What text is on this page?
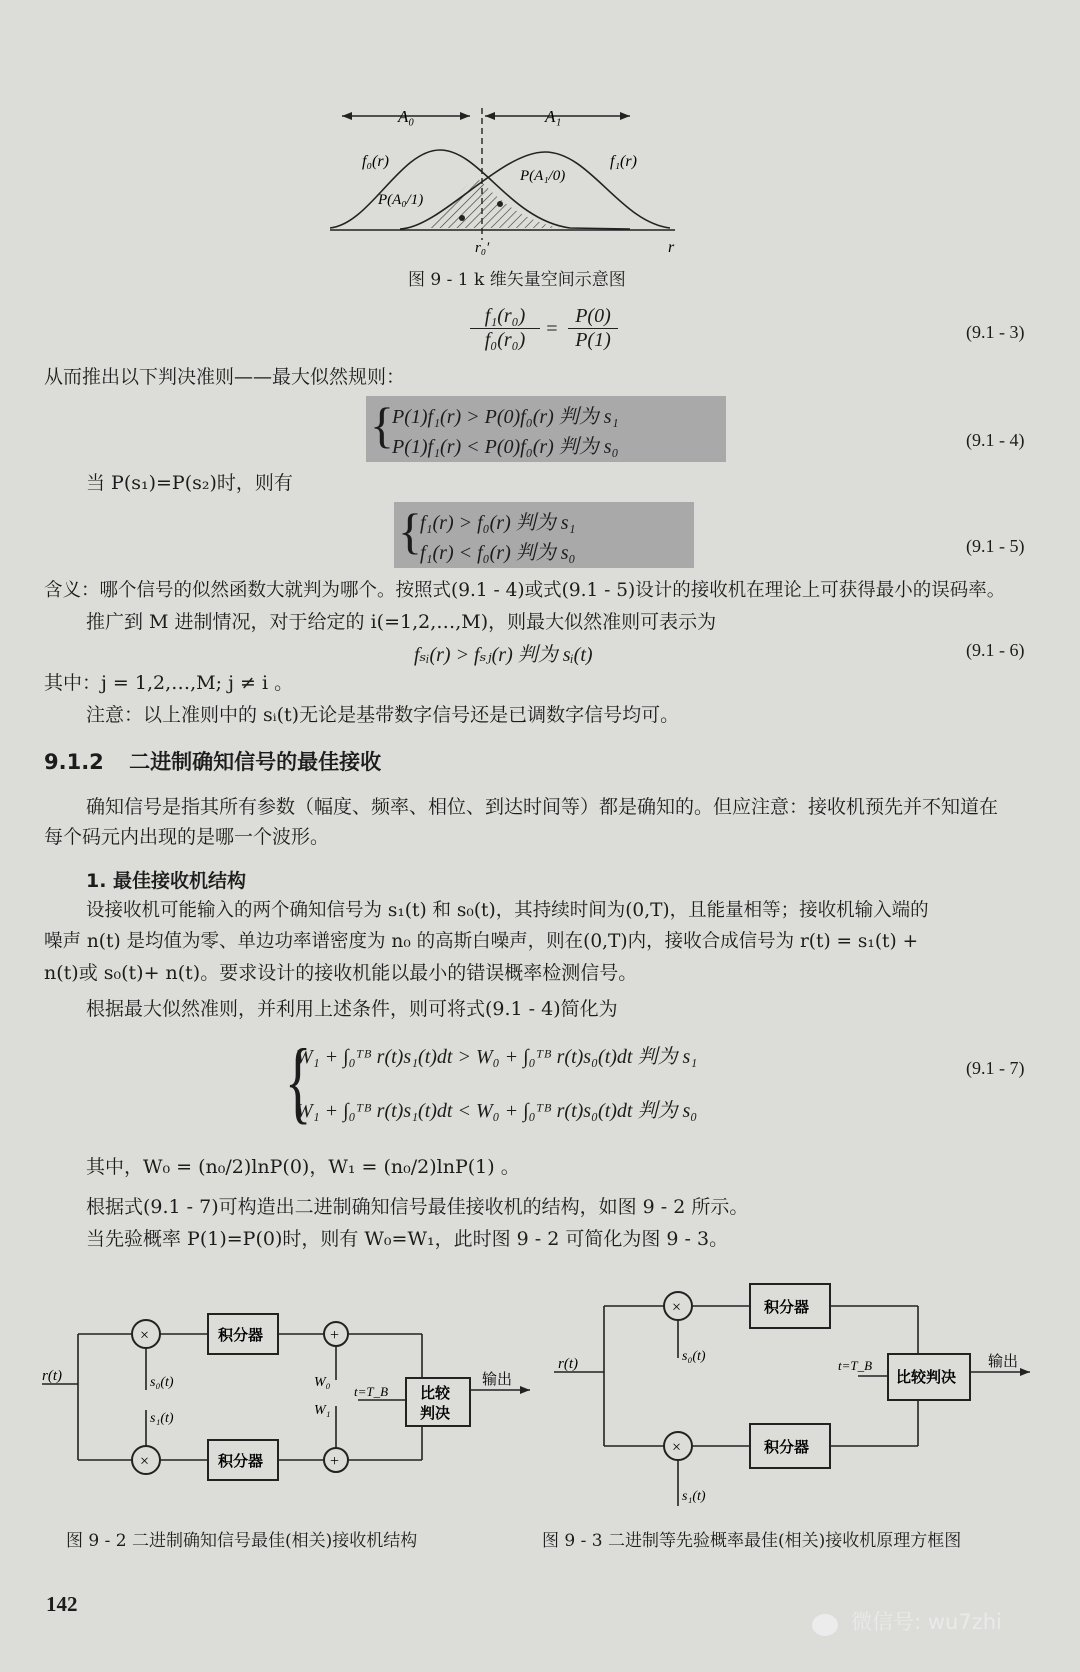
A₀	A₁
f₀(r)	f₁(r)
P(A₀/1)
P(A₁/0)
r₀′	r
图 9 - 1 k 维矢量空间示意图
$\frac{\text{f₁(r₀)}}{\text{f₀(r₀)}}$ =
P(0)
P(1)	(9.1 - 3)
从而推出以下判决准则——最大似然规则：
{
P(1)f₁(r) > P(0)f₀(r) 判为 s₁
P(1)f₁(r) < P(0)f₀(r) 判为 s₀	(9.1 - 4)
当 P(s₁)=P(s₂)时，则有
{
f₁(r) > f₀(r) 判为 s₁
f₁(r) < f₀(r) 判为 s₀	(9.1 - 5)
含义：哪个信号的似然函数大就判为哪个。按照式(9.1 - 4)或式(9.1 - 5)设计的接收机在理论上可获得最小的误码率。
推广到 M 进制情况，对于给定的 i(=1,2,…,M)，则最大似然准则可表示为
fₛᵢ(r) > fₛⱼ(r) 判为 sᵢ(t)	(9.1 - 6)
其中：j = 1,2,…,M; j ≠ i 。
注意：以上准则中的 sᵢ(t)无论是基带数字信号还是已调数字信号均可。
9.1.2 二进制确知信号的最佳接收
确知信号是指其所有参数（幅度、频率、相位、到达时间等）都是确知的。但应注意：接收机预先并不知道在
每个码元内出现的是哪一个波形。
1. 最佳接收机结构
设接收机可能输入的两个确知信号为 s₁(t) 和 s₀(t)，其持续时间为(0,T)，且能量相等；接收机输入端的
噪声 n(t) 是均值为零、单边功率谱密度为 n₀ 的高斯白噪声，则在(0,T)内，接收合成信号为 r(t) = s₁(t) +
n(t)或 s₀(t)+ n(t)。要求设计的接收机能以最小的错误概率检测信号。
根据最大似然准则，并利用上述条件，则可将式(9.1 - 4)简化为
{
W₁ + ∫₀ᵀᴮ r(t)s₁(t)dt > W₀ + ∫₀ᵀᴮ r(t)s₀(t)dt 判为 s₁
W₁ + ∫₀ᵀᴮ r(t)s₁(t)dt < W₀ + ∫₀ᵀᴮ r(t)s₀(t)dt 判为 s₀
(9.1 - 7)
其中，W₀ = (n₀/2)lnP(0)，W₁ = (n₀/2)lnP(1) 。
根据式(9.1 - 7)可构造出二进制确知信号最佳接收机的结构，如图 9 - 2 所示。
当先验概率 P(1)=P(0)时，则有 W₀=W₁，此时图 9 - 2 可简化为图 9 - 3。
r(t)
×
×
s₀(t)
s₁(t)
积分器
积分器
+
+
W₀
W₁
t=T_B 比较
判决
输出
r(t)
×
×
s₀(t)
s₁(t)
积分器
积分器
t=T_B
比较判决
输出
图 9 - 2 二进制确知信号最佳(相关)接收机结构	图 9 - 3 二进制等先验概率最佳(相关)接收机原理方框图
142
微信号: wu7zhi
